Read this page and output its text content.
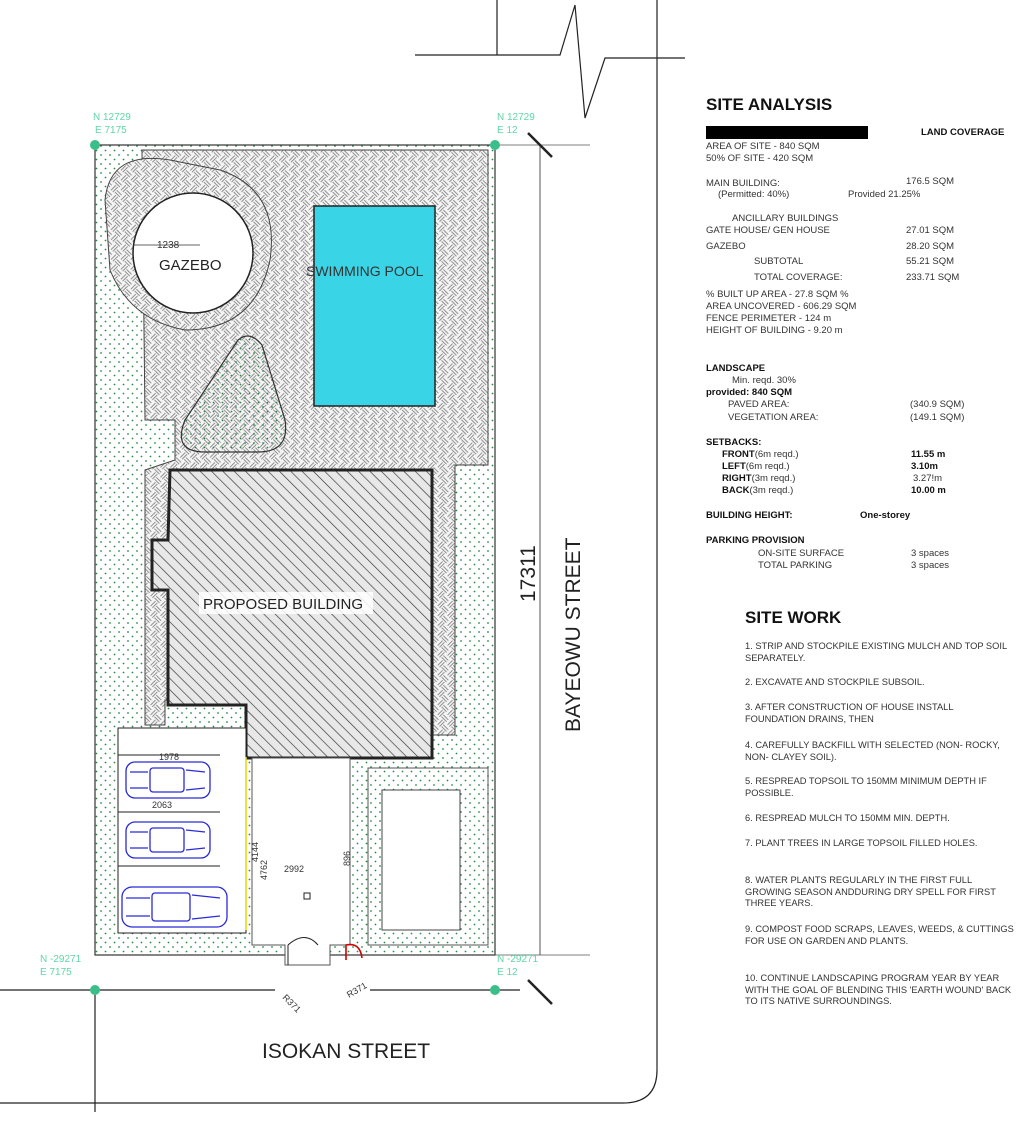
1238
GAZEBO	SWIMMING POOL
PROPOSED BUILDING
1978
2063
2992
4144
4762
896
R371
R371
17311
N 12729
E 7175
N 12729
E 12
N -29271
E 7175
N -29271
E 12
ISOKAN STREET
BAYEOWU STREET
SITE ANALYSIS
LAND COVERAGE
AREA OF SITE - 840 SQM
50% OF SITE - 420 SQM
MAIN BUILDING:	176.5 SQM
(Permitted: 40%)	Provided 21.25%
ANCILLARY BUILDINGS
GATE HOUSE/ GEN HOUSE	27.01 SQM
GAZEBO	28.20 SQM
SUBTOTAL	55.21 SQM
TOTAL COVERAGE:	233.71 SQM
% BUILT UP AREA - 27.8 SQM %
AREA UNCOVERED - 606.29 SQM
FENCE PERIMETER - 124 m
HEIGHT OF BUILDING - 9.20 m
LANDSCAPE
Min. reqd. 30%
provided: 840 SQM
PAVED AREA:	(340.9 SQM)
VEGETATION AREA:	(149.1 SQM)
SETBACKS:
FRONT(6m reqd.)	11.55 m
LEFT(6m reqd.)	3.10m
RIGHT(3m reqd.)	3.27!m
BACK(3m reqd.)	10.00 m
BUILDING HEIGHT:	One-storey
PARKING PROVISION
ON-SITE SURFACE	3 spaces
TOTAL PARKING	3 spaces
SITE WORK
1. STRIP AND STOCKPILE EXISTING MULCH AND TOP SOIL SEPARATELY.
2. EXCAVATE AND STOCKPILE SUBSOIL.
3. AFTER CONSTRUCTION OF HOUSE INSTALL FOUNDATION DRAINS, THEN
4. CAREFULLY BACKFILL WITH SELECTED (NON- ROCKY, NON- CLAYEY SOIL).
5. RESPREAD TOPSOIL TO 150MM MINIMUM DEPTH IF POSSIBLE.
6. RESPREAD MULCH TO 150MM MIN. DEPTH.
7. PLANT TREES IN LARGE TOPSOIL FILLED HOLES.
8. WATER PLANTS REGULARLY IN THE FIRST FULL GROWING SEASON ANDDURING DRY SPELL FOR FIRST THREE YEARS.
9. COMPOST FOOD SCRAPS, LEAVES, WEEDS, & CUTTINGS FOR USE ON GARDEN AND PLANTS.
10. CONTINUE LANDSCAPING PROGRAM YEAR BY YEAR WITH THE GOAL OF BLENDING THIS 'EARTH WOUND' BACK TO ITS NATIVE SURROUNDINGS.
